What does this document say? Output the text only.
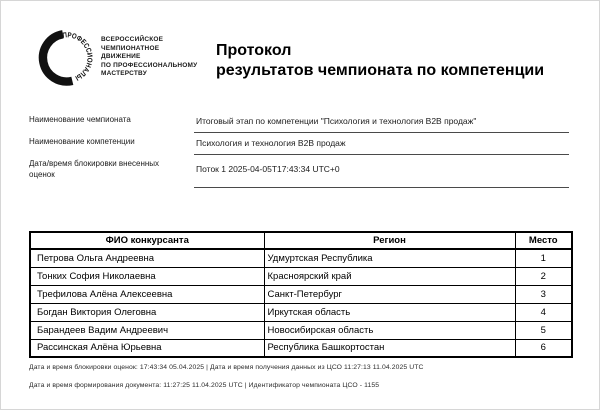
ПРОФЕССИОНАЛЫ
ВСЕРОССИЙСКОЕ
ЧЕМПИОНАТНОЕ
ДВИЖЕНИЕ
ПО ПРОФЕССИОНАЛЬНОМУ
МАСТЕРСТВУ
Протокол
результатов чемпионата по компетенции
Наименование чемпионата	Итоговый этап по компетенции "Психология и технология B2B продаж"
Наименование компетенции	Психология и технология B2B продаж
Дата/время блокировки внесенных оценок	Поток 1 2025-04-05T17:43:34 UTC+0
ФИО конкурсанта	Регион	Место
Петрова Ольга Андреевна	Удмуртская Республика	1
Тонких София Николаевна	Красноярский край	2
Трефилова Алёна Алексеевна	Санкт-Петербург	3
Богдан Виктория Олеговна	Иркутская область	4
Барандеев Вадим Андреевич	Новосибирская область	5
Рассинская Алёна Юрьевна	Республика Башкортостан	6
Дата и время блокировки оценок: 17:43:34 05.04.2025 | Дата и время получения данных из ЦСО 11:27:13 11.04.2025 UTC
Дата и время формирования документа: 11:27:25 11.04.2025 UTC | Идентификатор чемпионата ЦСО - 1155
